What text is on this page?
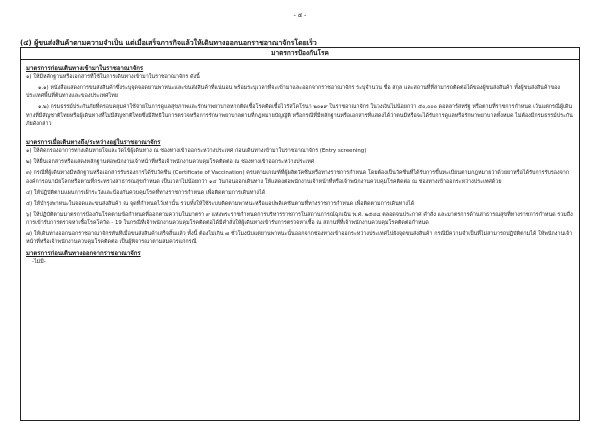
- ๕ -
(๔) ผู้ขนส่งสินค้าตามความจำเป็น แต่เมื่อเสร็จภารกิจแล้วให้เดินทางออกนอกราชอาณาจักรโดยเร็ว
มาตรการป้องกันโรค
มาตรการก่อนเดินทางเข้ามาในราชอาณาจักร
๑) ให้มีหลักฐานหรือเอกสารที่ใช้ในการเดินทางเข้ามาในราชอาณาจักร ดังนี้
๑.๑) หนังสือแสดงการขนส่งสินค้าซึ่งระบุจุดจอดยานพาหนะและขนส่งสินค้าที่แน่นอน พร้อมระบุเวลาที่จะเข้ามาและออกจากราชอาณาจักร ระบุจำนวน ชื่อ สกุล และสถานที่ที่สามารถติดต่อได้ของผู้ขนส่งสินค้า ทั้งผู้ขนส่งสินค้าของประเทศพื้นที่ต้นทางและของประเทศไทย
๑.๒) กรมธรรม์ประกันภัยที่ครอบคลุมค่าใช้จ่ายในการดูแลสุขภาพและรักษาพยาบาลหากติดเชื้อโรคติดเชื้อไวรัสโคโรนา ๒๐๑๙ ในราชอาณาจักร ในวงเงินไม่น้อยกว่า ๕๐,๐๐๐ ดอลลาร์สหรัฐ หรือตามที่ราชการกำหนด เว้นแต่กรณีผู้เดินทางที่มีสัญชาติไทยหรือผู้เดินทางที่ไม่มีสัญชาติไทยซึ่งมีสิทธิในการตรวจหรือการรักษาพยาบาลตามที่กฎหมายบัญญัติ หรือกรณีที่มีหลักฐานหรือเอกสารที่แสดงได้ว่าตนมีหรือจะได้รับการดูแลหรือรักษาพยาบาลทั้งหมด ไม่ต้องมีกรมธรรม์ประกันภัยดังกล่าว
มาตรการเมื่อเดินทางถึง/ระหว่างอยู่ในราชอาณาจักร
๑) ให้คัดกรองอาการทางเดินหายใจและวัดไข้ผู้เดินทาง ณ ช่องทางเข้าออกระหว่างประเทศ ก่อนเดินทางเข้ามาในราชอาณาจักร (Entry screening)
๒) ให้ยื่นเอกสารหรือแสดงหลักฐานต่อพนักงานเจ้าหน้าที่หรือเจ้าพนักงานควบคุมโรคติดต่อ ณ ช่องทางเข้าออกระหว่างประเทศ
๓) กรณีที่ผู้เดินทางมีหลักฐานหรือเอกสารรับรองการได้รับวัคซีน (Certificate of Vaccination) ครบตามเกณฑ์ที่ผู้ผลิตวัคซีนหรือทางราชการกำหนด โดยต้องเป็นวัคซีนที่ได้รับการขึ้นทะเบียนตามกฎหมายว่าด้วยยาหรือได้รับการรับรองจากองค์การอนามัยโลกหรือตามที่กระทรวงสาธารณสุขกำหนด เป็นเวลาไม่น้อยกว่า ๑๔ วันก่อนออกเดินทาง ให้แสดงต่อพนักงานเจ้าหน้าที่หรือเจ้าพนักงานควบคุมโรคติดต่อ ณ ช่องทางเข้าออกระหว่างประเทศด้วย
๔) ให้ปฏิบัติตามแผนการเฝ้าระวังและป้องกันควบคุมโรคที่ทางราชการกำหนด เพื่อติดตามการเดินทางได้
๕) ให้บำรุงพาหนะในจอดและขนส่งสินค้า ณ จุดที่กำหนดไว้เท่านั้น รวมทั้งให้ใช้ระบบติดตามพาหนะหรือแอปพลิเคชันตามที่ทางราชการกำหนด เพื่อติดตามการเดินทางได้
๖) ให้ปฏิบัติตามมาตรการป้องกันโรคตามข้อกำหนดที่ออกตามความในมาตรา ๙ แห่งพระราชกำหนดการบริหารราชการในสถานการณ์ฉุกเฉิน พ.ศ. ๒๕๔๘ ตลอดจนประกาศ คำสั่ง และมาตรการด้านสาธารณสุขที่ทางราชการกำหนด รวมถึงการเข้ารับการตรวจหาเชื้อโรคโควิด - 19 ในกรณีที่เจ้าพนักงานควบคุมโรคติดต่อได้มีคำสั่งให้ผู้เดินทางเข้ารับการตรวจหาเชื้อ ณ สถานที่ที่เจ้าพนักงานควบคุมโรคติดต่อกำหนด
๗) ให้เดินทางออกนอกราชอาณาจักรทันทีเมื่อขนส่งสินค้าเสร็จสิ้นแล้ว ทั้งนี้ ต้องไม่เกิน ๗ ชั่วโมงนับแต่ยานพาหนะนั้นออกจากช่องทางเข้าออกระหว่างประเทศไปยังจุดขนส่งสินค้า กรณีมีความจำเป็นที่ไม่สามารถปฏิบัติตามได้ ให้พนักงานเจ้าหน้าที่หรือเจ้าพนักงานควบคุมโรคติดต่อ เป็นผู้พิจารณาตามสมควรแก่กรณี
มาตรการก่อนเดินทางออกจากราชอาณาจักร
-ไม่มี-
